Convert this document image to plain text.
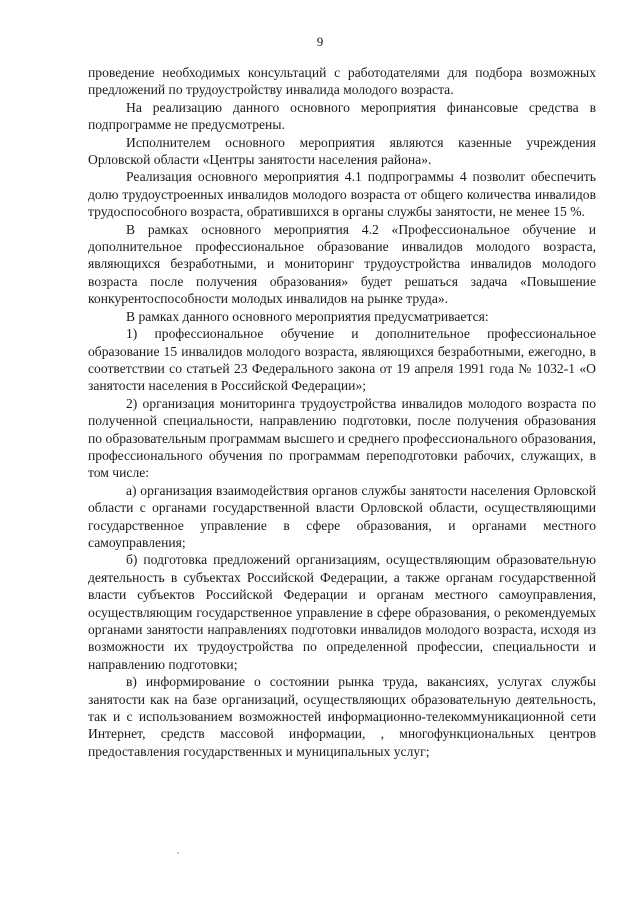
9

проведение необходимых консультаций с работодателями для подбора возможных предложений по трудоустройству инвалида молодого возраста.

На реализацию данного основного мероприятия финансовые средства в подпрограмме не предусмотрены.

Исполнителем основного мероприятия являются казенные учреждения Орловской области «Центры занятости населения района».

Реализация основного мероприятия 4.1 подпрограммы 4 позволит обеспечить долю трудоустроенных инвалидов молодого возраста от общего количества инвалидов трудоспособного возраста, обратившихся в органы службы занятости, не менее 15 %.

В рамках основного мероприятия 4.2 «Профессиональное обучение и дополнительное профессиональное образование инвалидов молодого возраста, являющихся безработными, и мониторинг трудоустройства инвалидов молодого возраста после получения образования» будет решаться задача «Повышение конкурентоспособности молодых инвалидов на рынке труда».

В рамках данного основного мероприятия предусматривается:

1) профессиональное обучение и дополнительное профессиональное образование 15 инвалидов молодого возраста, являющихся безработными, ежегодно, в соответствии со статьей 23 Федерального закона от 19 апреля 1991 года № 1032-1 «О занятости населения в Российской Федерации»;

2) организация мониторинга трудоустройства инвалидов молодого возраста по полученной специальности, направлению подготовки, после получения образования по образовательным программам высшего и среднего профессионального образования, профессионального обучения по программам переподготовки рабочих, служащих, в том числе:

а) организация взаимодействия органов службы занятости населения Орловской области с органами государственной власти Орловской области, осуществляющими государственное управление в сфере образования, и органами местного самоуправления;

б) подготовка предложений организациям, осуществляющим образовательную деятельность в субъектах Российской Федерации, а также органам государственной власти субъектов Российской Федерации и органам местного самоуправления, осуществляющим государственное управление в сфере образования, о рекомендуемых органами занятости направлениях подготовки инвалидов молодого возраста, исходя из возможности их трудоустройства по определенной профессии, специальности и направлению подготовки;

в) информирование о состоянии рынка труда, вакансиях, услугах службы занятости как на базе организаций, осуществляющих образовательную деятельность, так и с использованием возможностей информационно-телекоммуникационной сети Интернет, средств массовой информации, , многофункциональных центров предоставления государственных и муниципальных услуг;
